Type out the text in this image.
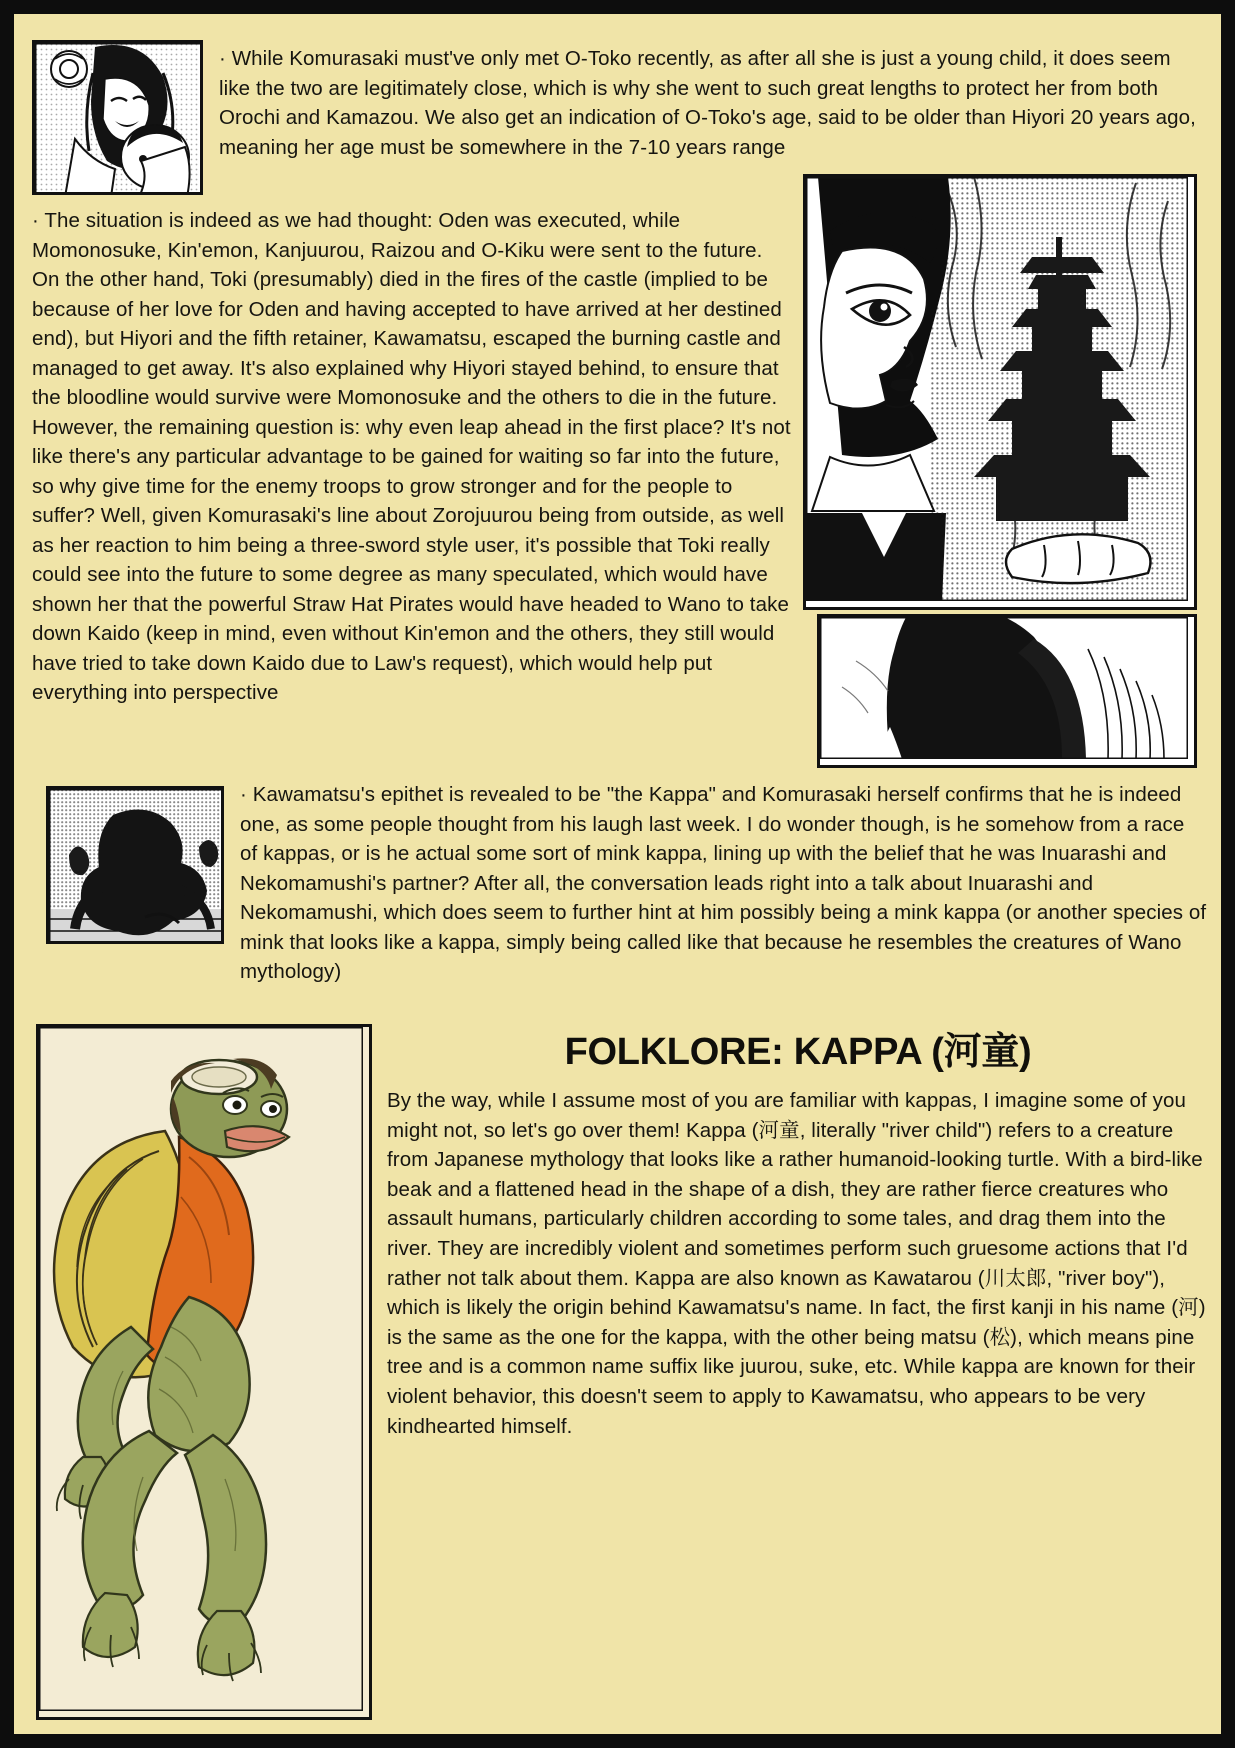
· While Komurasaki must've only met O-Toko recently, as after all she is just a young child, it does seem like the two are legitimately close, which is why she went to such great lengths to protect her from both Orochi and Kamazou. We also get an indication of O-Toko's age, said to be older than Hiyori 20 years ago, meaning her age must be somewhere in the 7-10 years range
· The situation is indeed as we had thought: Oden was executed, while Momonosuke, Kin'emon, Kanjuurou, Raizou and O-Kiku were sent to the future. On the other hand, Toki (presumably) died in the fires of the castle (implied to be because of her love for Oden and having accepted to have arrived at her destined end), but Hiyori and the fifth retainer, Kawamatsu, escaped the burning castle and managed to get away. It's also explained why Hiyori stayed behind, to ensure that the bloodline would survive were Momonosuke and the others to die in the future. However, the remaining question is: why even leap ahead in the first place? It's not like there's any particular advantage to be gained for waiting so far into the future, so why give time for the enemy troops to grow stronger and for the people to suffer? Well, given Komurasaki's line about Zorojuurou being from outside, as well as her reaction to him being a three-sword style user, it's possible that Toki really could see into the future to some degree as many speculated, which would have shown her that the powerful Straw Hat Pirates would have headed to Wano to take down Kaido (keep in mind, even without Kin'emon and the others, they still would have tried to take down Kaido due to Law's request), which would help put everything into perspective
· Kawamatsu's epithet is revealed to be "the Kappa" and Komurasaki herself confirms that he is indeed one, as some people thought from his laugh last week. I do wonder though, is he somehow from a race of kappas, or is he actual some sort of mink kappa, lining up with the belief that he was Inuarashi and Nekomamushi's partner? After all, the conversation leads right into a talk about Inuarashi and Nekomamushi, which does seem to further hint at him possibly being a mink kappa (or another species of mink that looks like a kappa, simply being called like that because he resembles the creatures of Wano mythology)
FOLKLORE: KAPPA (河童)
By the way, while I assume most of you are familiar with kappas, I imagine some of you might not, so let's go over them! Kappa (河童, literally "river child") refers to a creature from Japanese mythology that looks like a rather humanoid-looking turtle. With a bird-like beak and a flattened head in the shape of a dish, they are rather fierce creatures who assault humans, particularly children according to some tales, and drag them into the river. They are incredibly violent and sometimes perform such gruesome actions that I'd rather not talk about them. Kappa are also known as Kawatarou (川太郎, "river boy"), which is likely the origin behind Kawamatsu's name. In fact, the first kanji in his name (河) is the same as the one for the kappa, with the other being matsu (松), which means pine tree and is a common name suffix like juurou, suke, etc. While kappa are known for their violent behavior, this doesn't seem to apply to Kawamatsu, who appears to be very kindhearted himself.
